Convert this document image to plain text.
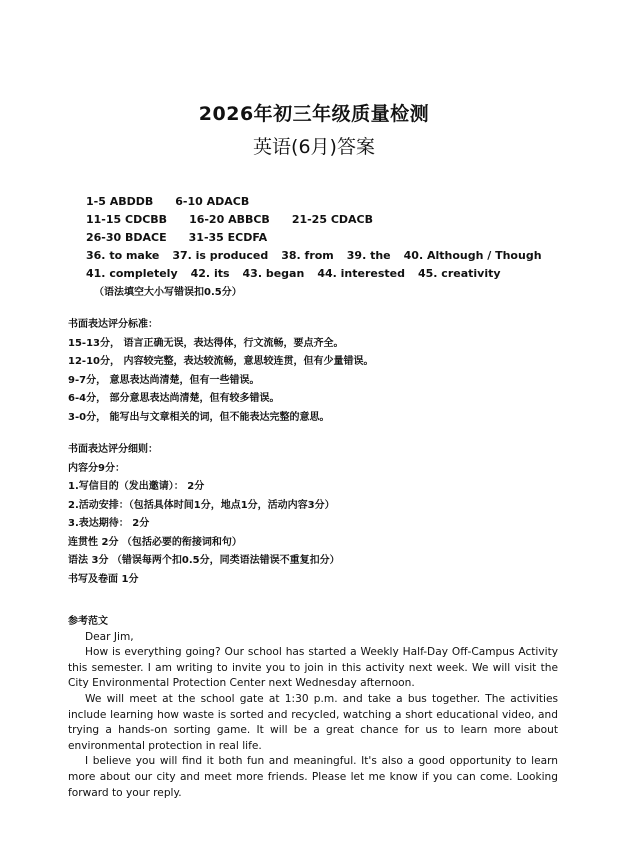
2026年初三年级质量检测
英语(6月)答案
1-5 ABDDB 6-10 ADACB
11-15 CDCBB 16-20 ABBCB 21-25 CDACB
26-30 BDACE 31-35 ECDFA
36. to make 37. is produced 38. from 39. the 40. Although / Though
41. completely 42. its 43. began 44. interested 45. creativity
（语法填空大小写错误扣0.5分）
书面表达评分标准：
15-13分， 语言正确无误，表达得体，行文流畅，要点齐全。
12-10分， 内容较完整，表达较流畅，意思较连贯，但有少量错误。
9-7分， 意思表达尚清楚，但有一些错误。
6-4分， 部分意思表达尚清楚，但有较多错误。
3-0分， 能写出与文章相关的词，但不能表达完整的意思。
书面表达评分细则：
内容分9分：
1.写信目的（发出邀请）： 2分
2.活动安排：（包括具体时间1分，地点1分，活动内容3分）
3.表达期待： 2分
连贯性 2分 （包括必要的衔接词和句）
语法 3分 （错误每两个扣0.5分，同类语法错误不重复扣分）
书写及卷面 1分
参考范文
Dear Jim,

How is everything going? Our school has started a Weekly Half-Day Off-Campus Activity this semester. I am writing to invite you to join in this activity next week. We will visit the City Environmental Protection Center next Wednesday afternoon.

We will meet at the school gate at 1:30 p.m. and take a bus together. The activities include learning how waste is sorted and recycled, watching a short educational video, and trying a hands-on sorting game. It will be a great chance for us to learn more about environmental protection in real life.

I believe you will find it both fun and meaningful. It's also a good opportunity to learn more about our city and meet more friends. Please let me know if you can come. Looking forward to your reply.
